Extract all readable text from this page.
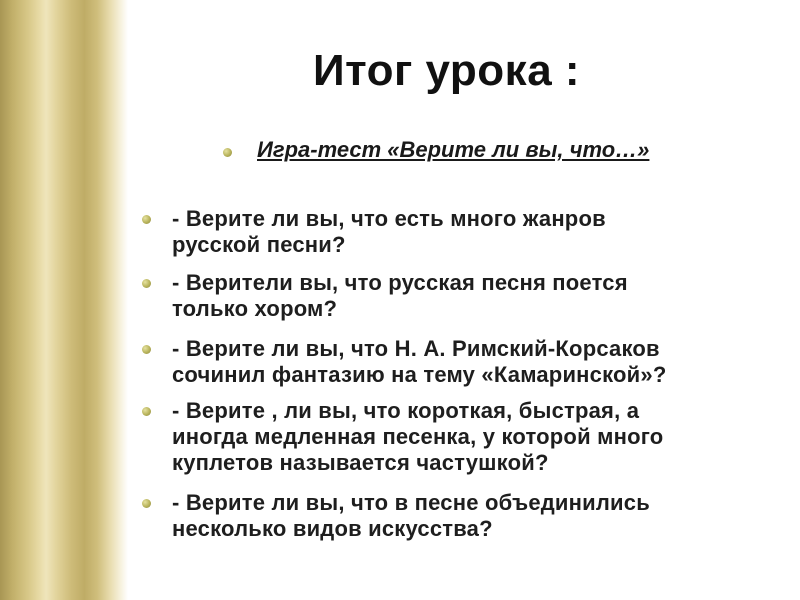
Итог урока :
Игра-тест «Верите ли вы, что…»
- Верите ли вы, что есть много жанров
русской песни?
- Верители вы, что русская песня поется
только хором?
- Верите ли вы, что Н. А. Римский-Корсаков
сочинил фантазию на тему «Камаринской»?
- Верите , ли вы, что короткая, быстрая, а
иногда медленная песенка, у которой много
куплетов называется частушкой?
- Верите ли вы, что в песне объединились
несколько видов искусства?
